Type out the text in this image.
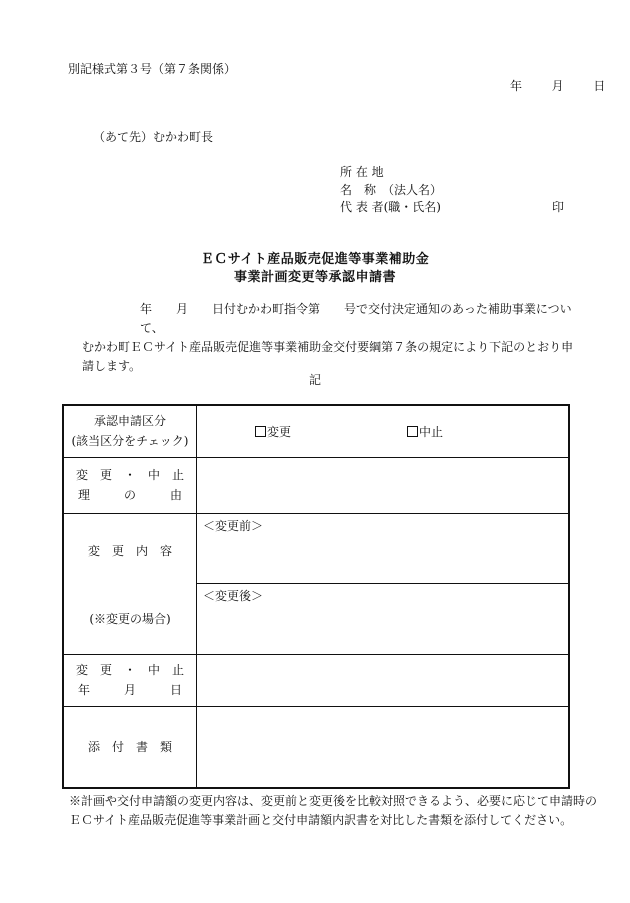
別記様式第３号（第７条関係）
年 月 日
（あて先）むかわ町長
所 在 地
名　称　（法人名）
代 表 者(職・氏名)	印
ＥＣサイト産品販売促進等事業補助金
事業計画変更等承認申請書
年　　月　　日付むかわ町指令第　　号で交付決定通知のあった補助事業について、
むかわ町ＥＣサイト産品販売促進等事業補助金交付要綱第７条の規定により下記のとおり申
請します。
記
承認申請区分
(該当区分をチェック)	変更 中止

変　更　・　中　止の
理 由	

変　更　内　容
(※変更の場合)	＜変更前＞
	＜変更後＞

変　更　・　中　止
年 月 日	

添　付　書　類	
※計画や交付申請額の変更内容は、変更前と変更後を比較対照できるよう、必要に応じて申請時の
ＥＣサイト産品販売促進等事業計画と交付申請額内訳書を対比した書類を添付してください。
